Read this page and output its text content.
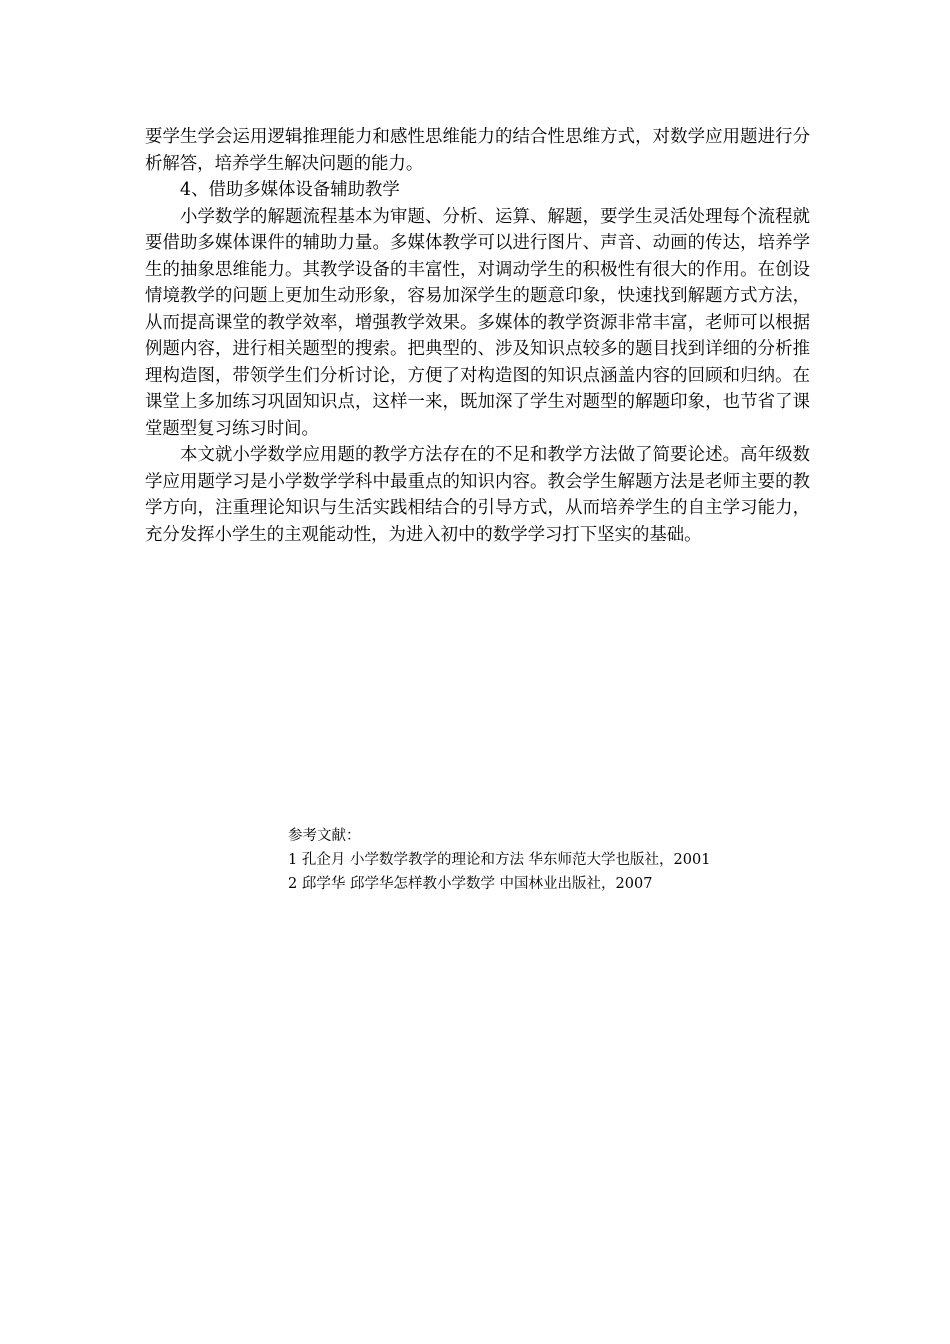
要学生学会运用逻辑推理能力和感性思维能力的结合性思维方式，对数学应用题进行分析解答，培养学生解决问题的能力。

4、借助多媒体设备辅助教学

小学数学的解题流程基本为审题、分析、运算、解题，要学生灵活处理每个流程就要借助多媒体课件的辅助力量。多媒体教学可以进行图片、声音、动画的传达，培养学生的抽象思维能力。其教学设备的丰富性，对调动学生的积极性有很大的作用。在创设情境教学的问题上更加生动形象，容易加深学生的题意印象，快速找到解题方式方法，从而提高课堂的教学效率，增强教学效果。多媒体的教学资源非常丰富，老师可以根据例题内容，进行相关题型的搜索。把典型的、涉及知识点较多的题目找到详细的分析推理构造图，带领学生们分析讨论，方便了对构造图的知识点涵盖内容的回顾和归纳。在课堂上多加练习巩固知识点，这样一来，既加深了学生对题型的解题印象，也节省了课堂题型复习练习时间。

本文就小学数学应用题的教学方法存在的不足和教学方法做了简要论述。高年级数学应用题学习是小学数学学科中最重点的知识内容。教会学生解题方法是老师主要的教学方向，注重理论知识与生活实践相结合的引导方式，从而培养学生的自主学习能力，充分发挥小学生的主观能动性，为进入初中的数学学习打下坚实的基础。

参考文献：
1 孔企月 小学数学教学的理论和方法 华东师范大学也版社，2001
2 邱学华 邱学华怎样教小学数学 中国林业出版社，2007
